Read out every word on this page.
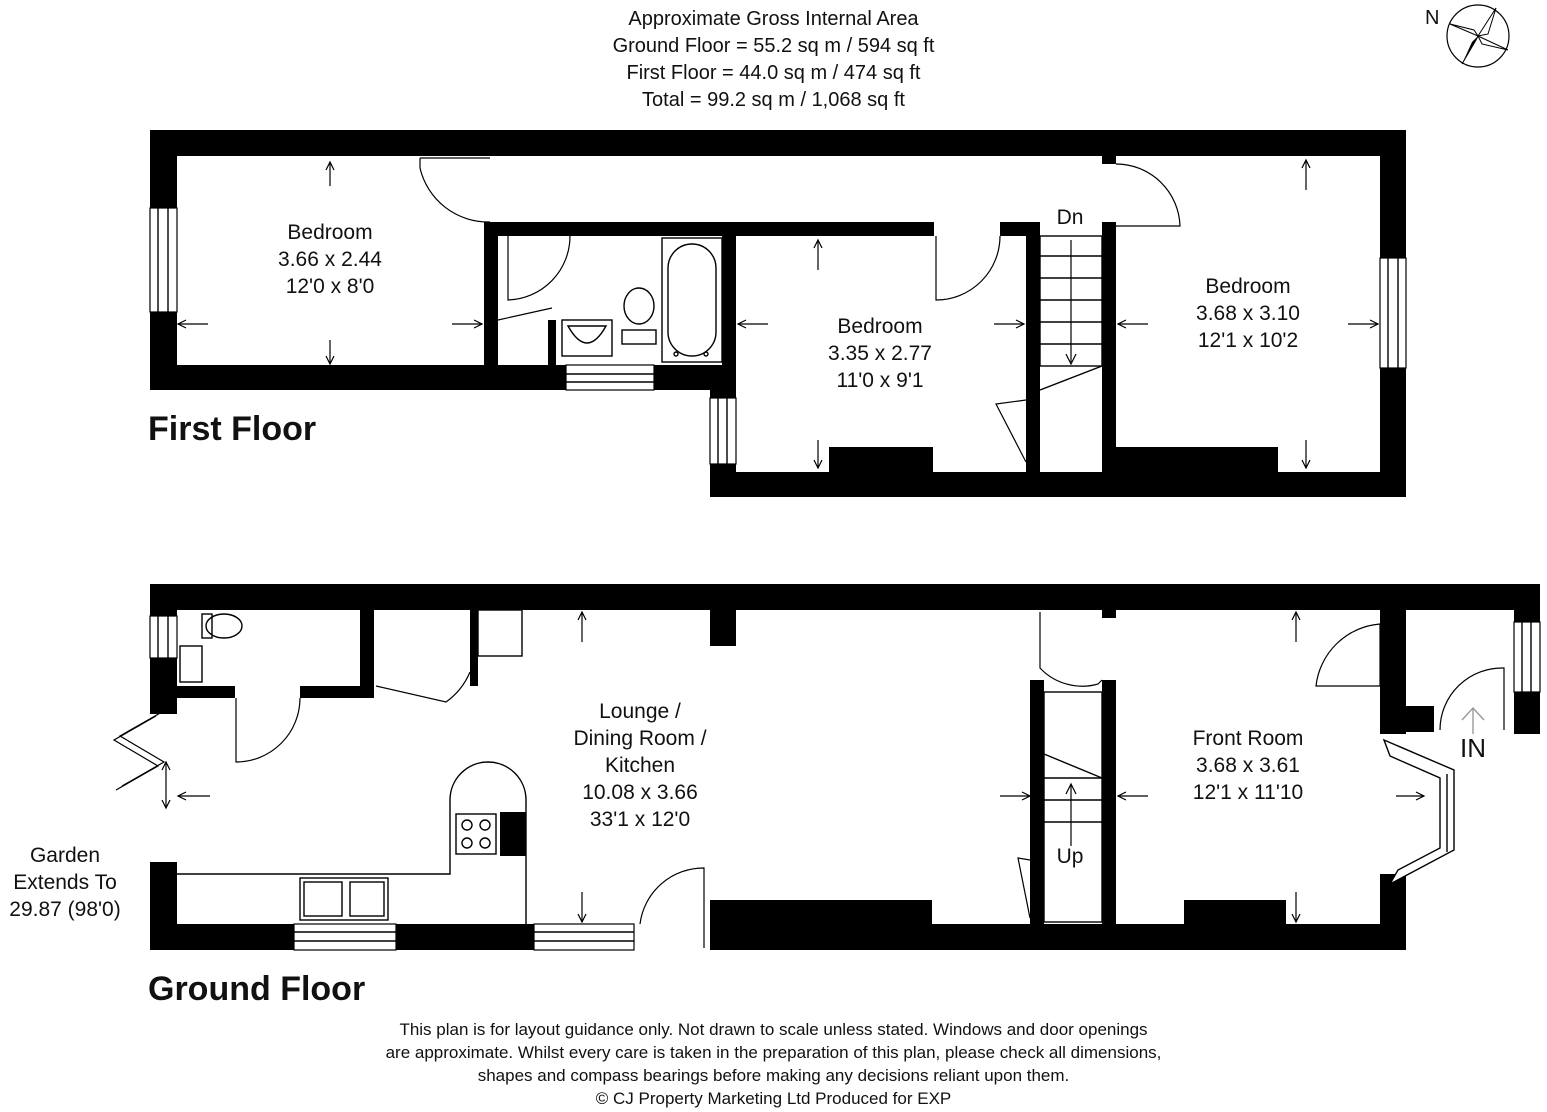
Approximate Gross Internal Area
Ground Floor = 55.2 sq m / 594 sq ft
First Floor = 44.0 sq m / 474 sq ft
Total = 99.2 sq m / 1,068 sq ft
N
Bedroom
3.66 x 2.44
12'0 x 8'0
Bedroom
3.35 x 2.77
11'0 x 9'1
Bedroom
3.68 x 3.10
12'1 x 10'2
Dn
First Floor
Lounge /
Dining Room /
Kitchen
10.08 x 3.66
33'1 x 12'0
Front Room
3.68 x 3.61
12'1 x 11'10
Up
IN
Garden
Extends To
29.87 (98'0)
Ground Floor
This plan is for layout guidance only. Not drawn to scale unless stated. Windows and door openings
are approximate. Whilst every care is taken in the preparation of this plan, please check all dimensions,
shapes and compass bearings before making any decisions reliant upon them.
© CJ Property Marketing Ltd Produced for EXP
